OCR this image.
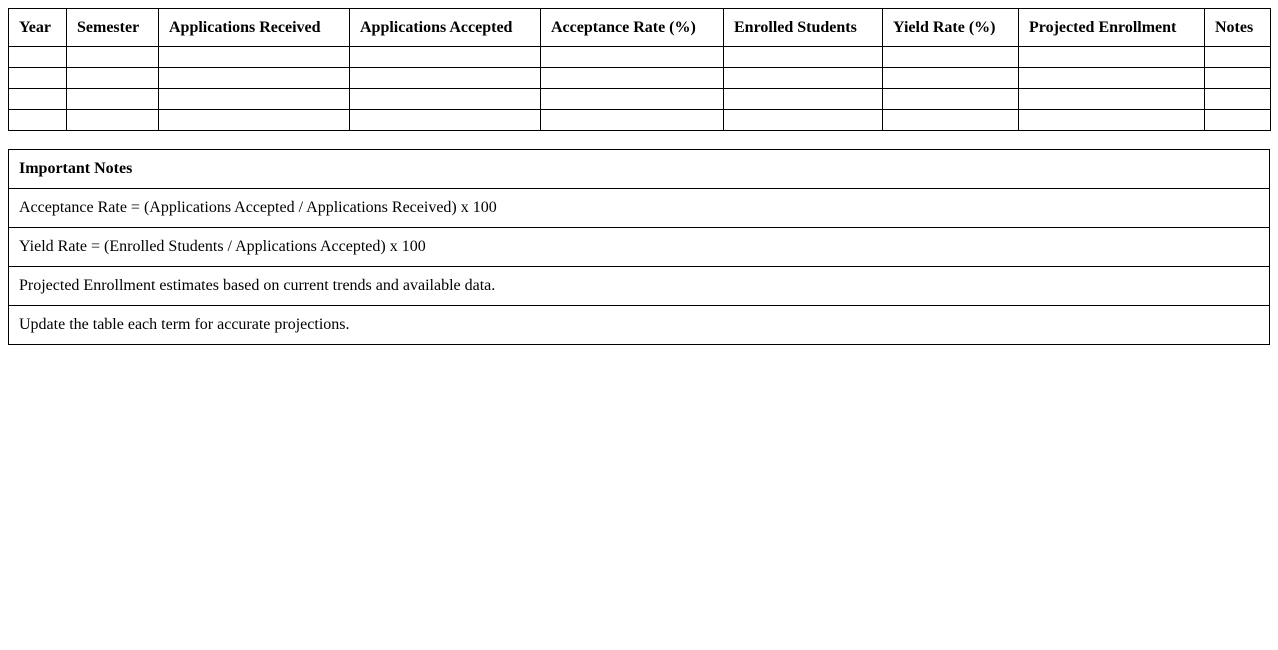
Year	Semester	Applications Received	Applications Accepted	Acceptance Rate (%)	Enrolled Students	Yield Rate (%)	Projected Enrollment	Notes

Important Notes
Acceptance Rate = (Applications Accepted / Applications Received) x 100
Yield Rate = (Enrolled Students / Applications Accepted) x 100
Projected Enrollment estimates based on current trends and available data.
Update the table each term for accurate projections.
